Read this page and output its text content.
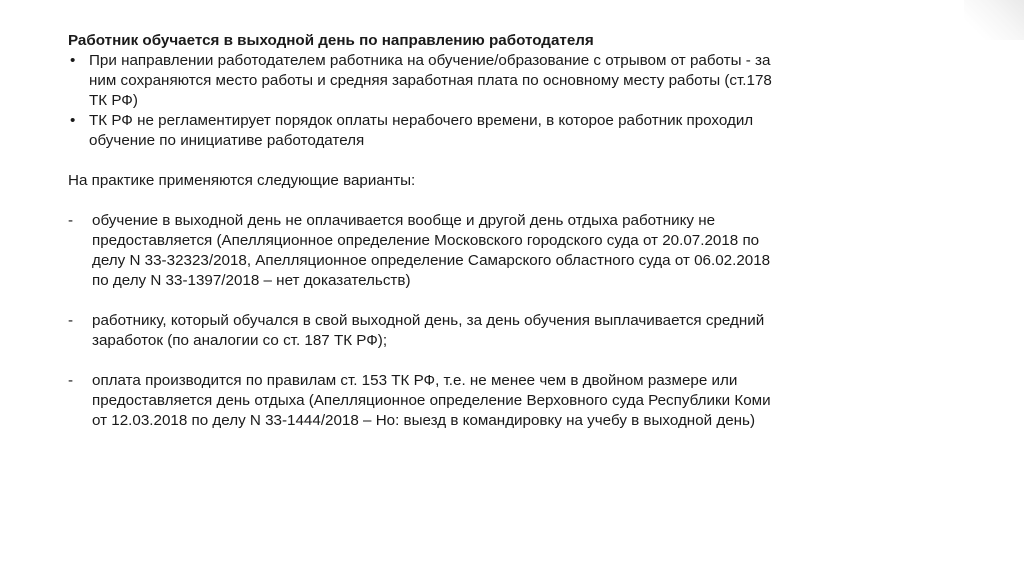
Работник обучается в выходной день по направлению работодателя

• При направлении работодателем работника на обучение/образование с отрывом от работы - за
ним сохраняются место работы и средняя заработная плата по основному месту работы (ст.178
ТК РФ)
• ТК РФ не регламентирует порядок оплаты нерабочего времени, в которое работник проходил
обучение по инициативе работодателя

На практике применяются следующие варианты:

- обучение в выходной день не оплачивается вообще и другой день отдыха работнику не
предоставляется (Апелляционное определение Московского городского суда от 20.07.2018 по
делу N 33-32323/2018, Апелляционное определение Самарского областного суда от 06.02.2018
по делу N 33-1397/2018 – нет доказательств)
- работнику, который обучался в свой выходной день, за день обучения выплачивается средний
заработок (по аналогии со ст. 187 ТК РФ);
- оплата производится по правилам ст. 153 ТК РФ, т.е. не менее чем в двойном размере или
предоставляется день отдыха (Апелляционное определение Верховного суда Республики Коми
от 12.03.2018 по делу N 33-1444/2018 – Но: выезд в командировку на учебу в выходной день)
